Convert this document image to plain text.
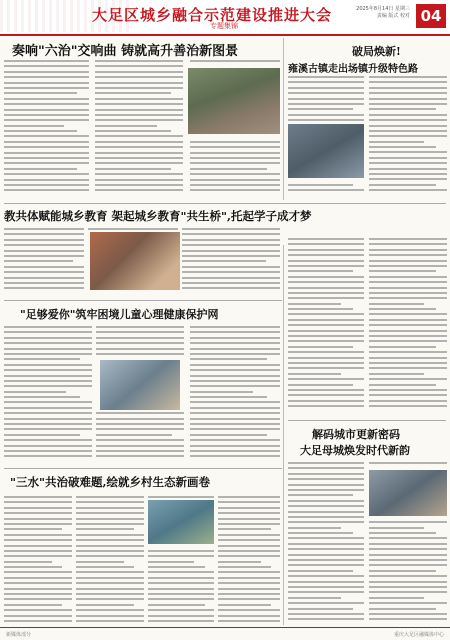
大足区城乡融合示范建设推进大会
专题集锦
2025年8月14日 星期三
责编 版式 校对 04
奏响"六治"交响曲 铸就高升善治新图景	破局焕新!
雍溪古镇走出场镇升级特色路
教共体赋能城乡教育 架起城乡教育"共生桥",托起学子成才梦
"足够爱你"筑牢困境儿童心理健康保护网
解码城市更新密码
大足母城焕发时代新韵
"三水"共治破难题,绘就乡村生态新画卷
新媒体部分	重庆大足区融媒体中心
